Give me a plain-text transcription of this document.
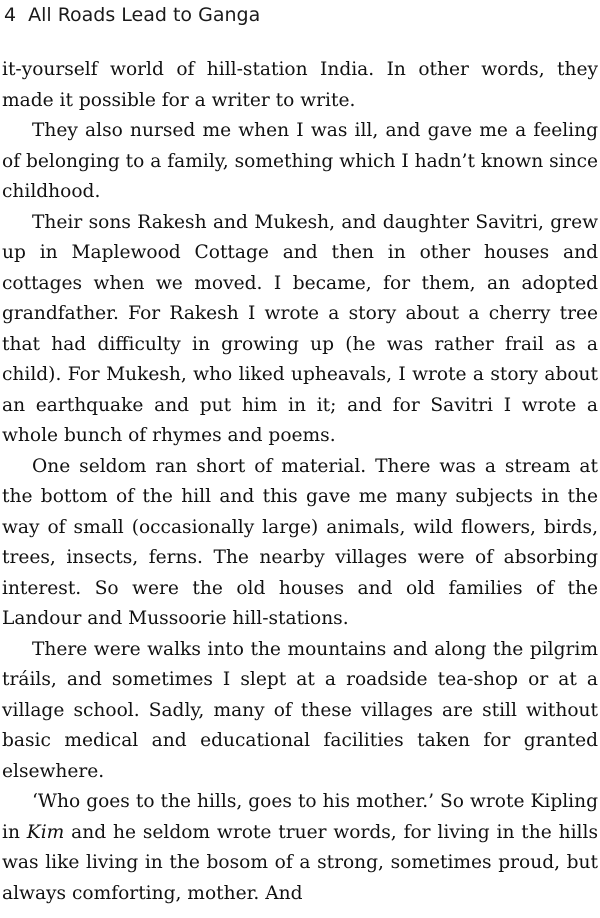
4 All Roads Lead to Ganga

it-yourself world of hill-station India. In other words, they made it possible for a writer to write.

They also nursed me when I was ill, and gave me a feeling of belonging to a family, something which I hadn’t known since childhood.

Their sons Rakesh and Mukesh, and daughter Savitri, grew up in Maplewood Cottage and then in other houses and cottages when we moved. I became, for them, an adopted grandfather. For Rakesh I wrote a story about a cherry tree that had difficulty in growing up (he was rather frail as a child). For Mukesh, who liked upheavals, I wrote a story about an earthquake and put him in it; and for Savitri I wrote a whole bunch of rhymes and poems.

One seldom ran short of material. There was a stream at the bottom of the hill and this gave me many subjects in the way of small (occasionally large) animals, wild flowers, birds, trees, insects, ferns. The nearby villages were of absorbing interest. So were the old houses and old families of the Landour and Mussoorie hill-stations.

There were walks into the mountains and along the pilgrim tráils, and sometimes I slept at a roadside tea-shop or at a village school. Sadly, many of these villages are still without basic medical and educational facilities taken for granted elsewhere.

‘Who goes to the hills, goes to his mother.’ So wrote Kipling in Kim and he seldom wrote truer words, for living in the hills was like living in the bosom of a strong, sometimes proud, but always comforting, mother. And
